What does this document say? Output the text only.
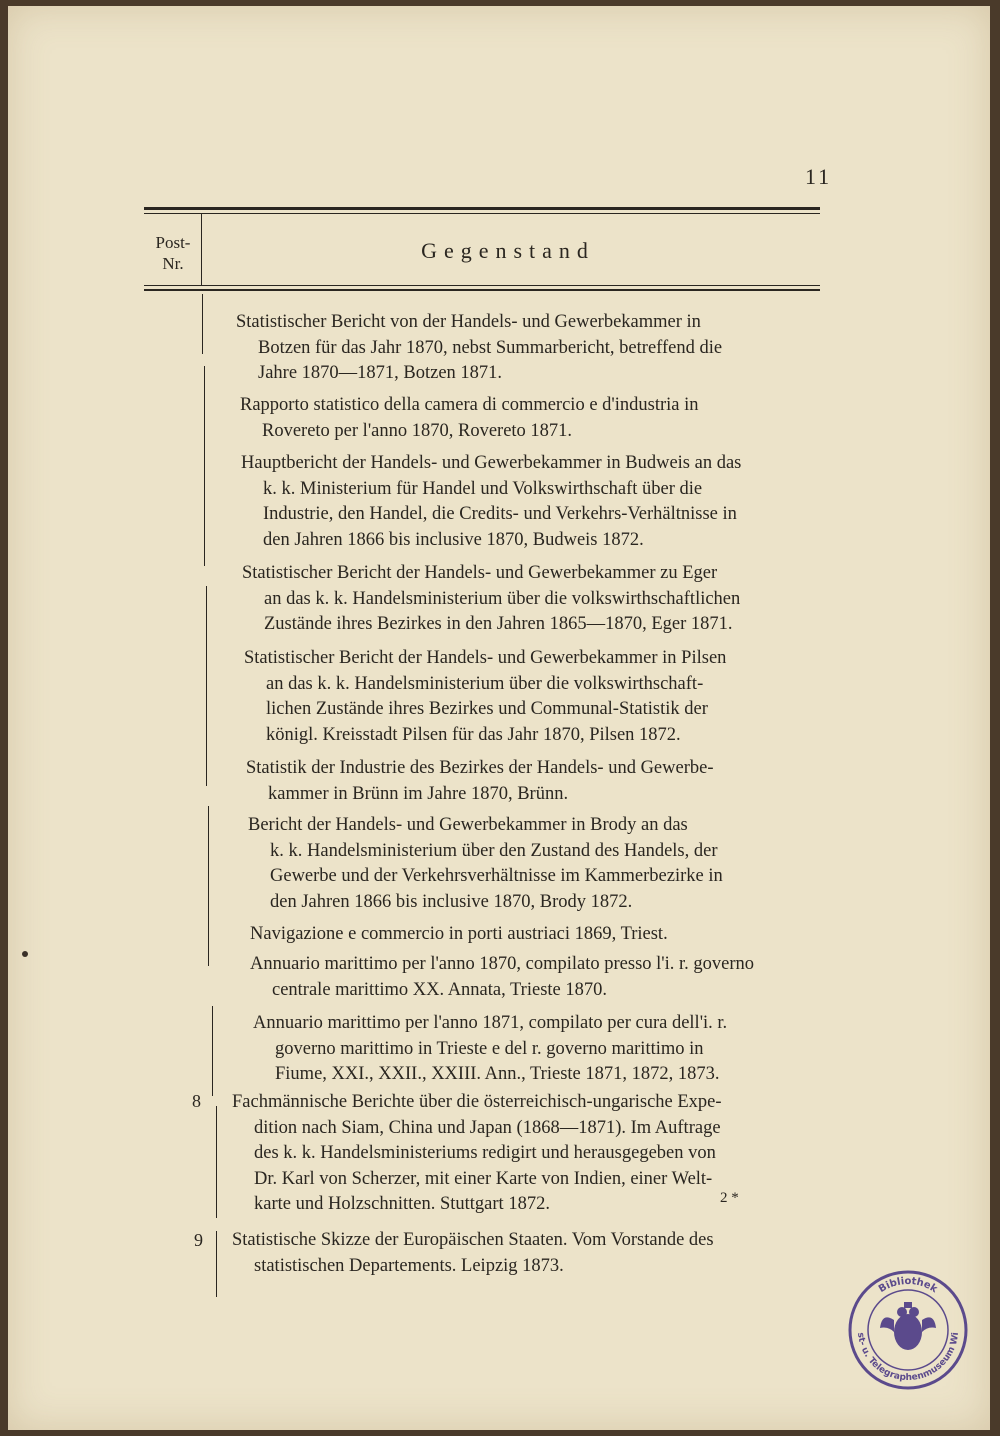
11
Post-
Nr.
Gegenstand
Statistischer Bericht von der Handels- und Gewerbekammer in
Botzen für das Jahr 1870, nebst Summarbericht, betreffend die
Jahre 1870—1871, Botzen 1871.
Rapporto statistico della camera di commercio e d'industria in
Rovereto per l'anno 1870, Rovereto 1871.
Hauptbericht der Handels- und Gewerbekammer in Budweis an das
k. k. Ministerium für Handel und Volkswirthschaft über die
Industrie, den Handel, die Credits- und Verkehrs-Verhältnisse in
den Jahren 1866 bis inclusive 1870, Budweis 1872.
Statistischer Bericht der Handels- und Gewerbekammer zu Eger
an das k. k. Handelsministerium über die volkswirthschaftlichen
Zustände ihres Bezirkes in den Jahren 1865—1870, Eger 1871.
Statistischer Bericht der Handels- und Gewerbekammer in Pilsen
an das k. k. Handelsministerium über die volkswirthschaft-
lichen Zustände ihres Bezirkes und Communal-Statistik der
königl. Kreisstadt Pilsen für das Jahr 1870, Pilsen 1872.
Statistik der Industrie des Bezirkes der Handels- und Gewerbe-
kammer in Brünn im Jahre 1870, Brünn.
Bericht der Handels- und Gewerbekammer in Brody an das
k. k. Handelsministerium über den Zustand des Handels, der
Gewerbe und der Verkehrsverhältnisse im Kammerbezirke in
den Jahren 1866 bis inclusive 1870, Brody 1872.
Navigazione e commercio in porti austriaci 1869, Triest.
Annuario marittimo per l'anno 1870, compilato presso l'i. r. governo
centrale marittimo XX. Annata, Trieste 1870.
Annuario marittimo per l'anno 1871, compilato per cura dell'i. r.
governo marittimo in Trieste e del r. governo marittimo in
Fiume, XXI., XXII., XXIII. Ann., Trieste 1871, 1872, 1873.
8 Fachmännische Berichte über die österreichisch-ungarische Expe-
dition nach Siam, China und Japan (1868—1871). Im Auftrage
des k. k. Handelsministeriums redigirt und herausgegeben von
Dr. Karl von Scherzer, mit einer Karte von Indien, einer Welt-
karte und Holzschnitten. Stuttgart 1872.
9 Statistische Skizze der Europäischen Staaten. Vom Vorstande des
statistischen Departements. Leipzig 1873.
2 *
Bibliothek
st- u. Telegraphenmuseum Wi
